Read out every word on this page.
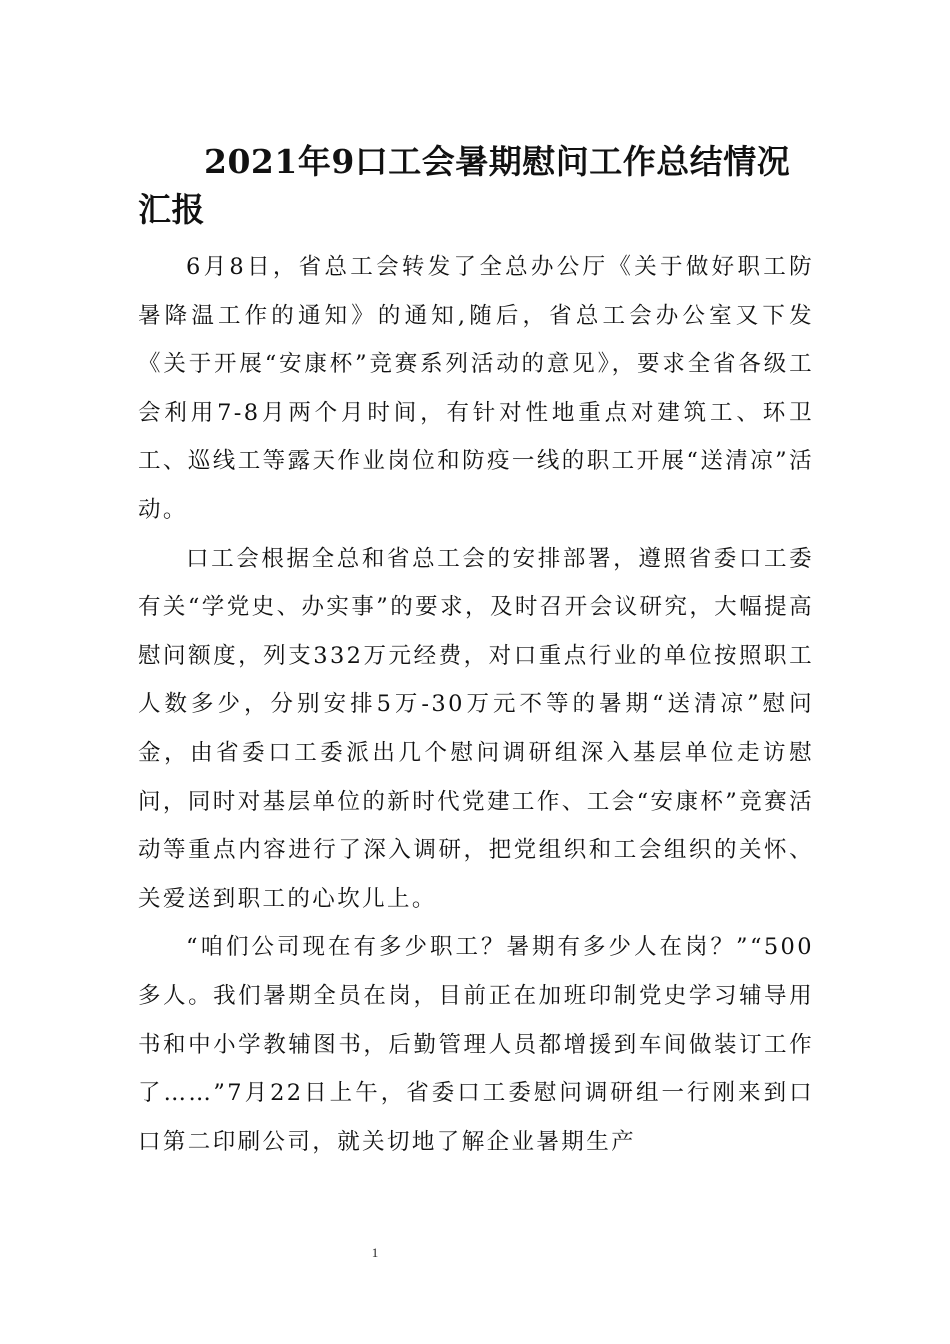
2021年9口工会暑期慰问工作总结情况汇报

6月8日，省总工会转发了全总办公厅《关于做好职工防暑降温工作的通知》的通知,随后，省总工会办公室又下发《关于开展“安康杯”竞赛系列活动的意见》，要求全省各级工会利用7-8月两个月时间，有针对性地重点对建筑工、环卫工、巡线工等露天作业岗位和防疫一线的职工开展“送清凉”活动。

口工会根据全总和省总工会的安排部署，遵照省委口工委有关“学党史、办实事”的要求，及时召开会议研究，大幅提高慰问额度，列支332万元经费，对口重点行业的单位按照职工人数多少，分别安排5万-30万元不等的暑期“送清凉”慰问金，由省委口工委派出几个慰问调研组深入基层单位走访慰问，同时对基层单位的新时代党建工作、工会“安康杯”竞赛活动等重点内容进行了深入调研，把党组织和工会组织的关怀、关爱送到职工的心坎儿上。

“咱们公司现在有多少职工？暑期有多少人在岗？”“500多人。我们暑期全员在岗，目前正在加班印制党史学习辅导用书和中小学教辅图书，后勤管理人员都增援到车间做装订工作了……”7月22日上午，省委口工委慰问调研组一行刚来到口口第二印刷公司，就关切地了解企业暑期生产

1
